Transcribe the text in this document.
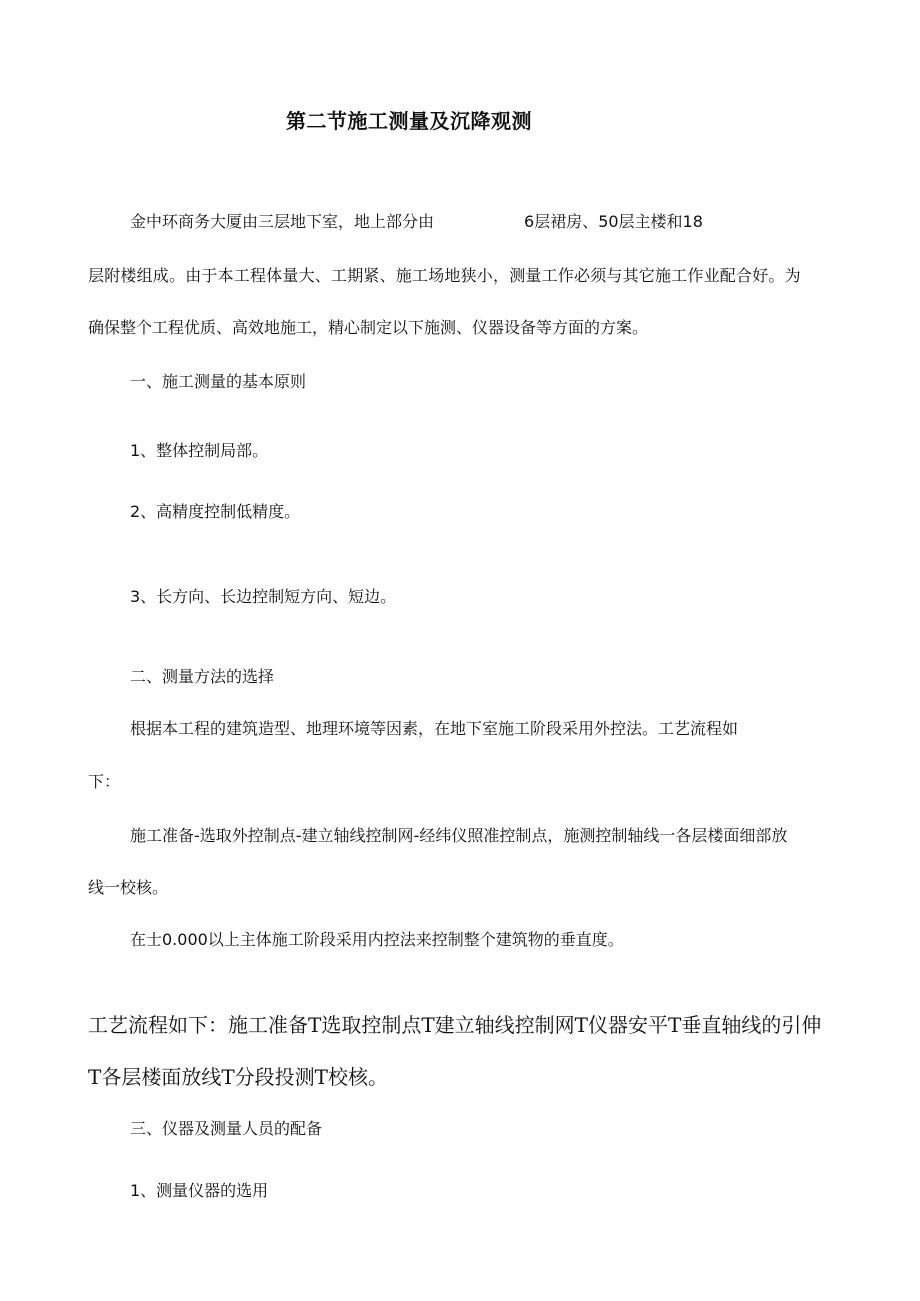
第二节施工测量及沉降观测
金中环商务大厦由三层地下室，地上部分由	6层裙房、50层主楼和18
层附楼组成。由于本工程体量大、工期紧、施工场地狭小，测量工作必须与其它施工作业配合好。为
确保整个工程优质、高效地施工，精心制定以下施测、仪器设备等方面的方案。
一、施工测量的基本原则
1、整体控制局部。
2、高精度控制低精度。
3、长方向、长边控制短方向、短边。
二、测量方法的选择
根据本工程的建筑造型、地理环境等因素，在地下室施工阶段采用外控法。工艺流程如
下：
施工准备-选取外控制点-建立轴线控制网-经纬仪照准控制点，施测控制轴线一各层楼面细部放
线一校核。
在士0.000以上主体施工阶段采用内控法来控制整个建筑物的垂直度。
工艺流程如下：施工准备T选取控制点T建立轴线控制网T仪器安平T垂直轴线的引伸
T各层楼面放线T分段投测T校核。
三、仪器及测量人员的配备
1、测量仪器的选用
